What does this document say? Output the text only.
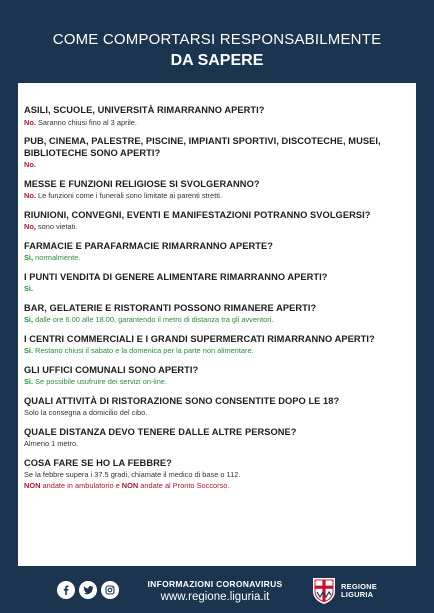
COME COMPORTARSI RESPONSABILMENTE
DA SAPERE
ASILI, SCUOLE, UNIVERSITÀ RIMARRANNO APERTI?
No. Saranno chiusi fino al 3 aprile.
PUB, CINEMA, PALESTRE, PISCINE, IMPIANTI SPORTIVI, DISCOTECHE, MUSEI, BIBLIOTECHE SONO APERTI?
No.
MESSE E FUNZIONI RELIGIOSE SI SVOLGERANNO?
No. Le funzioni come i funerali sono limitate ai parenti stretti.
RIUNIONI, CONVEGNI, EVENTI E MANIFESTAZIONI POTRANNO SVOLGERSI?
No, sono vietati.
FARMACIE E PARAFARMACIE RIMARRANNO APERTE?
Sì, normalmente.
I PUNTI VENDITA DI GENERE ALIMENTARE RIMARRANNO APERTI?
Sì.
BAR, GELATERIE E RISTORANTI POSSONO RIMANERE APERTI?
Sì, dalle ore 6.00 alle 18.00, garantendo il metro di distanza tra gli avventori.
I CENTRI COMMERCIALI E I GRANDI SUPERMERCATI RIMARRANNO APERTI?
Sì. Restano chiusi il sabato e la domenica per la parte non alimentare.
GLI UFFICI COMUNALI SONO APERTI?
Sì. Se possibile usufruire dei servizi on-line.
QUALI ATTIVITÀ DI RISTORAZIONE SONO CONSENTITE DOPO LE 18?
Solo la consegna a domicilio del cibo.
QUALE DISTANZA DEVO TENERE DALLE ALTRE PERSONE?
Almeno 1 metro.
COSA FARE SE HO LA FEBBRE?
Se la febbre supera i 37.5 gradi, chiamate il medico di base o 112.
NON andate in ambulatorio e NON andate al Pronto Soccorso.
INFORMAZIONI CORONAVIRUS
www.regione.liguria.it
REGIONE
LIGURIA
